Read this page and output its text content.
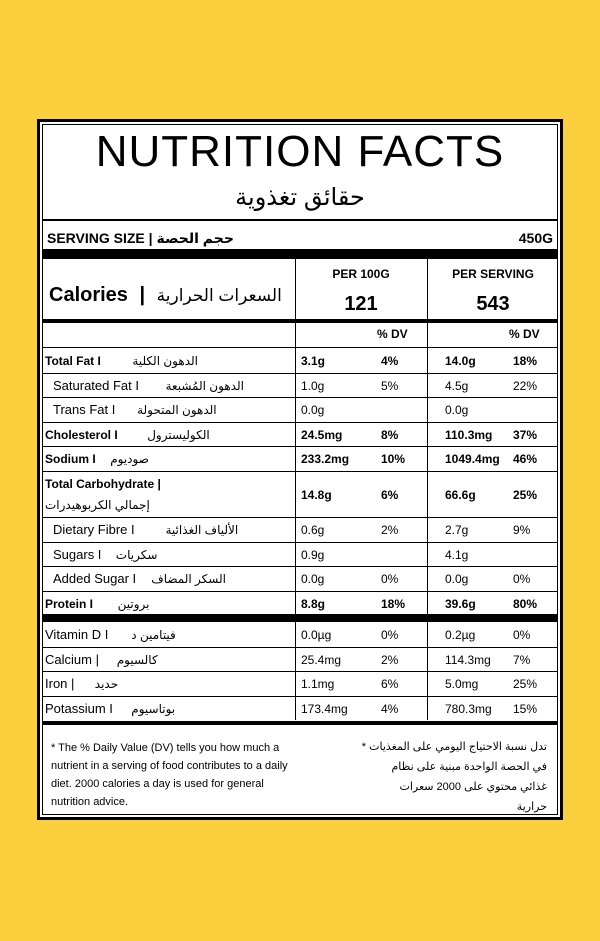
NUTRITION FACTS
حقائق تغذوية
SERVING SIZE | حجم الحصة	450G
Calories | السعرات الحرارية
PER 100G	PER SERVING
121	543
% DV	% DV
* The % Daily Value (DV) tells you how much a
nutrient in a serving of food contributes to a daily
diet. 2000 calories a day is used for general
nutrition advice.
تدل نسبة الاحتياج اليومي على المغذيات *
في الحصة الواحدة مبنية على نظام
غذائي محتوي على 2000 سعرات
حرارية
Total Fat I	الدهون الكلية	3.1g	4%	14.0g	18%
Saturated Fat I الدهون المُشبعة	1.0g	5%	4.5g	22%
Trans Fat I الدهون المتحولة	0.0g	0.0g
Cholesterol I الكوليسترول	24.5mg	8%	110.3mg 37%
Sodium I صوديوم	233.2mg	10%	1049.4mg 46%
Total Carbohydrate |
إجمالي الكربوهيدرات
14.8g	6%	66.6g	25%
Dietary Fibre I	الألياف الغذائية	0.6g	2%	2.7g	9%
Sugars I سكريات	0.9g	4.1g
Added Sugar I السكر المضاف	0.0g	0%	0.0g	0%
Protein I بروتين	8.8g	18%	39.6g	80%
Vitamin D I فيتامين د	0.0µg	0%	0.2µg	0%
Calcium | كالسيوم	25.4mg	2%	114.3mg 7%
Iron | حديد	1.1mg	6%	5.0mg	25%
Potassium I بوتاسيوم	173.4mg	4%	780.3mg 15%
